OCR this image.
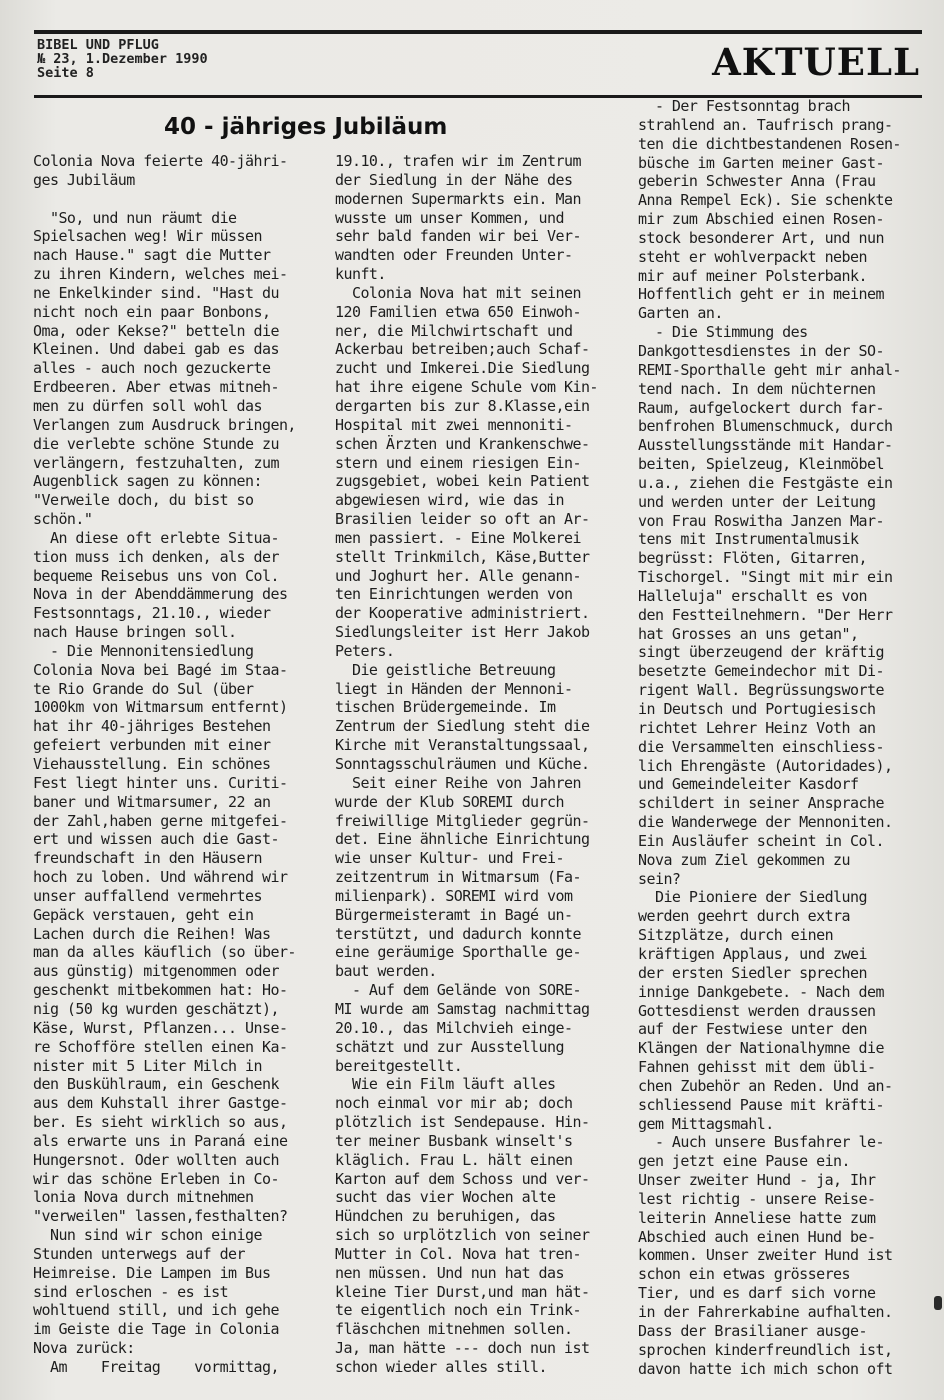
BIBEL UND PFLUG
№ 23, 1.Dezember 1990
Seite 8	AKTUELL
40 - jähriges Jubiläum
Colonia Nova feierte 40-jähri-
ges Jubiläum

"So, und nun räumt die
Spielsachen weg! Wir müssen
nach Hause." sagt die Mutter
zu ihren Kindern, welches mei-
ne Enkelkinder sind. "Hast du
nicht noch ein paar Bonbons,
Oma, oder Kekse?" betteln die
Kleinen. Und dabei gab es das
alles - auch noch gezuckerte
Erdbeeren. Aber etwas mitneh-
men zu dürfen soll wohl das
Verlangen zum Ausdruck bringen,
die verlebte schöne Stunde zu
verlängern, festzuhalten, zum
Augenblick sagen zu können:
"Verweile doch, du bist so
schön."
An diese oft erlebte Situa-
tion muss ich denken, als der
bequeme Reisebus uns von Col.
Nova in der Abenddämmerung des
Festsonntags, 21.10., wieder
nach Hause bringen soll.
- Die Mennonitensiedlung
Colonia Nova bei Bagé im Staa-
te Rio Grande do Sul (über
1000km von Witmarsum entfernt)
hat ihr 40-jähriges Bestehen
gefeiert verbunden mit einer
Viehausstellung. Ein schönes
Fest liegt hinter uns. Curiti-
baner und Witmarsumer, 22 an
der Zahl,haben gerne mitgefei-
ert und wissen auch die Gast-
freundschaft in den Häusern
hoch zu loben. Und während wir
unser auffallend vermehrtes
Gepäck verstauen, geht ein
Lachen durch die Reihen! Was
man da alles käuflich (so über-
aus günstig) mitgenommen oder
geschenkt mitbekommen hat: Ho-
nig (50 kg wurden geschätzt),
Käse, Wurst, Pflanzen... Unse-
re Schofföre stellen einen Ka-
nister mit 5 Liter Milch in
den Buskühlraum, ein Geschenk
aus dem Kuhstall ihrer Gastge-
ber. Es sieht wirklich so aus,
als erwarte uns in Paraná eine
Hungersnot. Oder wollten auch
wir das schöne Erleben in Co-
lonia Nova durch mitnehmen
"verweilen" lassen,festhalten?
Nun sind wir schon einige
Stunden unterwegs auf der
Heimreise. Die Lampen im Bus
sind erloschen - es ist
wohltuend still, und ich gehe
im Geiste die Tage in Colonia
Nova zurück:
Am    Freitag    vormittag,
19.10., trafen wir im Zentrum
der Siedlung in der Nähe des
modernen Supermarkts ein. Man
wusste um unser Kommen, und
sehr bald fanden wir bei Ver-
wandten oder Freunden Unter-
kunft.
Colonia Nova hat mit seinen
120 Familien etwa 650 Einwoh-
ner, die Milchwirtschaft und
Ackerbau betreiben;auch Schaf-
zucht und Imkerei.Die Siedlung
hat ihre eigene Schule vom Kin-
dergarten bis zur 8.Klasse,ein
Hospital mit zwei mennoniti-
schen Ärzten und Krankenschwe-
stern und einem riesigen Ein-
zugsgebiet, wobei kein Patient
abgewiesen wird, wie das in
Brasilien leider so oft an Ar-
men passiert. - Eine Molkerei
stellt Trinkmilch, Käse,Butter
und Joghurt her. Alle genann-
ten Einrichtungen werden von
der Kooperative administriert.
Siedlungsleiter ist Herr Jakob
Peters.
Die geistliche Betreuung
liegt in Händen der Mennoni-
tischen Brüdergemeinde. Im
Zentrum der Siedlung steht die
Kirche mit Veranstaltungssaal,
Sonntagsschulräumen und Küche.
Seit einer Reihe von Jahren
wurde der Klub SOREMI durch
freiwillige Mitglieder gegrün-
det. Eine ähnliche Einrichtung
wie unser Kultur- und Frei-
zeitzentrum in Witmarsum (Fa-
milienpark). SOREMI wird vom
Bürgermeisteramt in Bagé un-
terstützt, und dadurch konnte
eine geräumige Sporthalle ge-
baut werden.
- Auf dem Gelände von SORE-
MI wurde am Samstag nachmittag
20.10., das Milchvieh einge-
schätzt und zur Ausstellung
bereitgestellt.
Wie ein Film läuft alles
noch einmal vor mir ab; doch
plötzlich ist Sendepause. Hin-
ter meiner Busbank winselt's
kläglich. Frau L. hält einen
Karton auf dem Schoss und ver-
sucht das vier Wochen alte
Hündchen zu beruhigen, das
sich so urplötzlich von seiner
Mutter in Col. Nova hat tren-
nen müssen. Und nun hat das
kleine Tier Durst,und man hät-
te eigentlich noch ein Trink-
fläschchen mitnehmen sollen.
Ja, man hätte --- doch nun ist
schon wieder alles still.
- Der Festsonntag brach
strahlend an. Taufrisch prang-
ten die dichtbestandenen Rosen-
büsche im Garten meiner Gast-
geberin Schwester Anna (Frau
Anna Rempel Eck). Sie schenkte
mir zum Abschied einen Rosen-
stock besonderer Art, und nun
steht er wohlverpackt neben
mir auf meiner Polsterbank.
Hoffentlich geht er in meinem
Garten an.
- Die Stimmung des
Dankgottesdienstes in der SO-
REMI-Sporthalle geht mir anhal-
tend nach. In dem nüchternen
Raum, aufgelockert durch far-
benfrohen Blumenschmuck, durch
Ausstellungsstände mit Handar-
beiten, Spielzeug, Kleinmöbel
u.a., ziehen die Festgäste ein
und werden unter der Leitung
von Frau Roswitha Janzen Mar-
tens mit Instrumentalmusik
begrüsst: Flöten, Gitarren,
Tischorgel. "Singt mit mir ein
Halleluja" erschallt es von
den Festteilnehmern. "Der Herr
hat Grosses an uns getan",
singt überzeugend der kräftig
besetzte Gemeindechor mit Di-
rigent Wall. Begrüssungsworte
in Deutsch und Portugiesisch
richtet Lehrer Heinz Voth an
die Versammelten einschliess-
lich Ehrengäste (Autoridades),
und Gemeindeleiter Kasdorf
schildert in seiner Ansprache
die Wanderwege der Mennoniten.
Ein Ausläufer scheint in Col.
Nova zum Ziel gekommen zu
sein?
Die Pioniere der Siedlung
werden geehrt durch extra
Sitzplätze, durch einen
kräftigen Applaus, und zwei
der ersten Siedler sprechen
innige Dankgebete. - Nach dem
Gottesdienst werden draussen
auf der Festwiese unter den
Klängen der Nationalhymne die
Fahnen gehisst mit dem übli-
chen Zubehör an Reden. Und an-
schliessend Pause mit kräfti-
gem Mittagsmahl.
- Auch unsere Busfahrer le-
gen jetzt eine Pause ein.
Unser zweiter Hund - ja, Ihr
lest richtig - unsere Reise-
leiterin Anneliese hatte zum
Abschied auch einen Hund be-
kommen. Unser zweiter Hund ist
schon ein etwas grösseres
Tier, und es darf sich vorne
in der Fahrerkabine aufhalten.
Dass der Brasilianer ausge-
sprochen kinderfreundlich ist,
davon hatte ich mich schon oft
